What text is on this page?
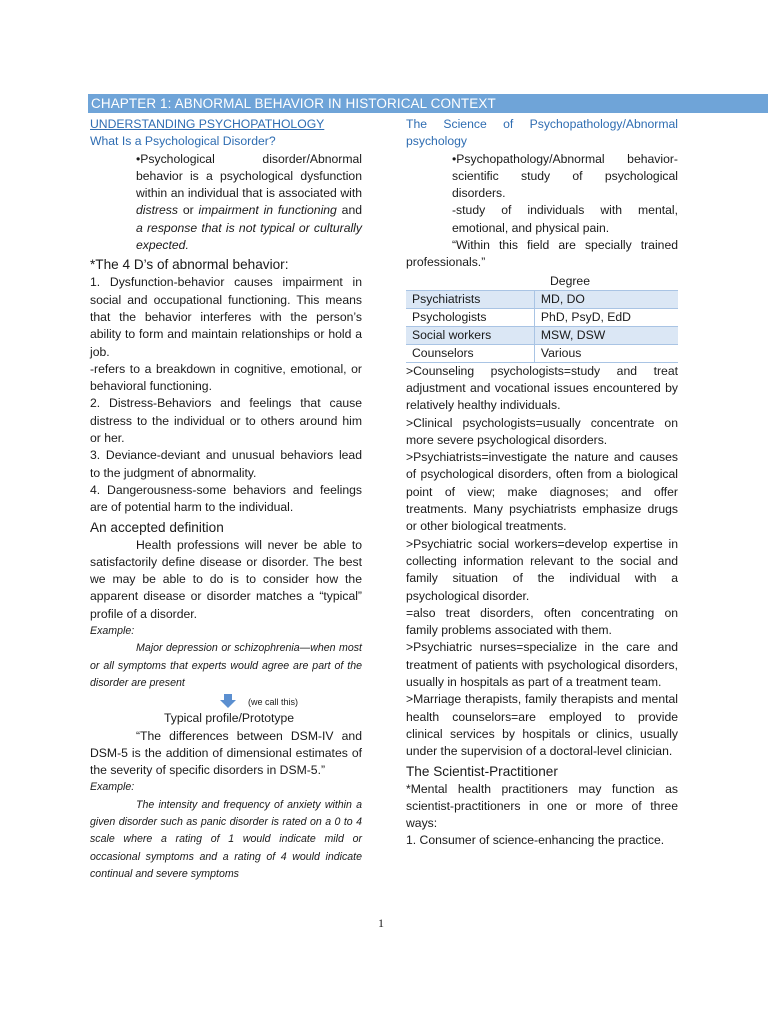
CHAPTER 1: ABNORMAL BEHAVIOR IN HISTORICAL CONTEXT

UNDERSTANDING PSYCHOPATHOLOGY

What Is a Psychological Disorder?

•Psychological disorder/Abnormal behavior is a psychological dysfunction within an individual that is associated with distress or impairment in functioning and a response that is not typical or culturally expected.

*The 4 D’s of abnormal behavior:

1. Dysfunction-behavior causes impairment in social and occupational functioning. This means that the behavior interferes with the person’s ability to form and maintain relationships or hold a job.

-refers to a breakdown in cognitive, emotional, or behavioral functioning.

2. Distress-Behaviors and feelings that cause distress to the individual or to others around him or her.

3. Deviance-deviant and unusual behaviors lead to the judgment of abnormality.

4. Dangerousness-some behaviors and feelings are of potential harm to the individual.

An accepted definition

Health professions will never be able to satisfactorily define disease or disorder. The best we may be able to do is to consider how the apparent disease or disorder matches a “typical” profile of a disorder.

Example:

Major depression or schizophrenia—when most or all symptoms that experts would agree are part of the disorder are present

(we call this)

Typical profile/Prototype

“The differences between DSM-IV and DSM-5 is the addition of dimensional estimates of the severity of specific disorders in DSM-5.”

Example:

The intensity and frequency of anxiety within a given disorder such as panic disorder is rated on a 0 to 4 scale where a rating of 1 would indicate mild or occasional symptoms and a rating of 4 would indicate continual and severe symptoms

The Science of Psychopathology/Abnormal psychology

•Psychopathology/Abnormal behavior- scientific study of psychological disorders.

-study of individuals with mental, emotional, and physical pain.

“Within this field are specially trained professionals.”

Degree
Psychiatrists	MD, DO
Psychologists	PhD, PsyD, EdD
Social workers	MSW, DSW
Counselors	Various

>Counseling psychologists=study and treat adjustment and vocational issues encountered by relatively healthy individuals.

>Clinical psychologists=usually concentrate on more severe psychological disorders.

>Psychiatrists=investigate the nature and causes of psychological disorders, often from a biological point of view; make diagnoses; and offer treatments. Many psychiatrists emphasize drugs or other biological treatments.

>Psychiatric social workers=develop expertise in collecting information relevant to the social and family situation of the individual with a psychological disorder.

=also treat disorders, often concentrating on family problems associated with them.

>Psychiatric nurses=specialize in the care and treatment of patients with psychological disorders, usually in hospitals as part of a treatment team.

>Marriage therapists, family therapists and mental health counselors=are employed to provide clinical services by hospitals or clinics, usually under the supervision of a doctoral-level clinician.

The Scientist-Practitioner

*Mental health practitioners may function as scientist-practitioners in one or more of three ways:

1. Consumer of science-enhancing the practice.

1
